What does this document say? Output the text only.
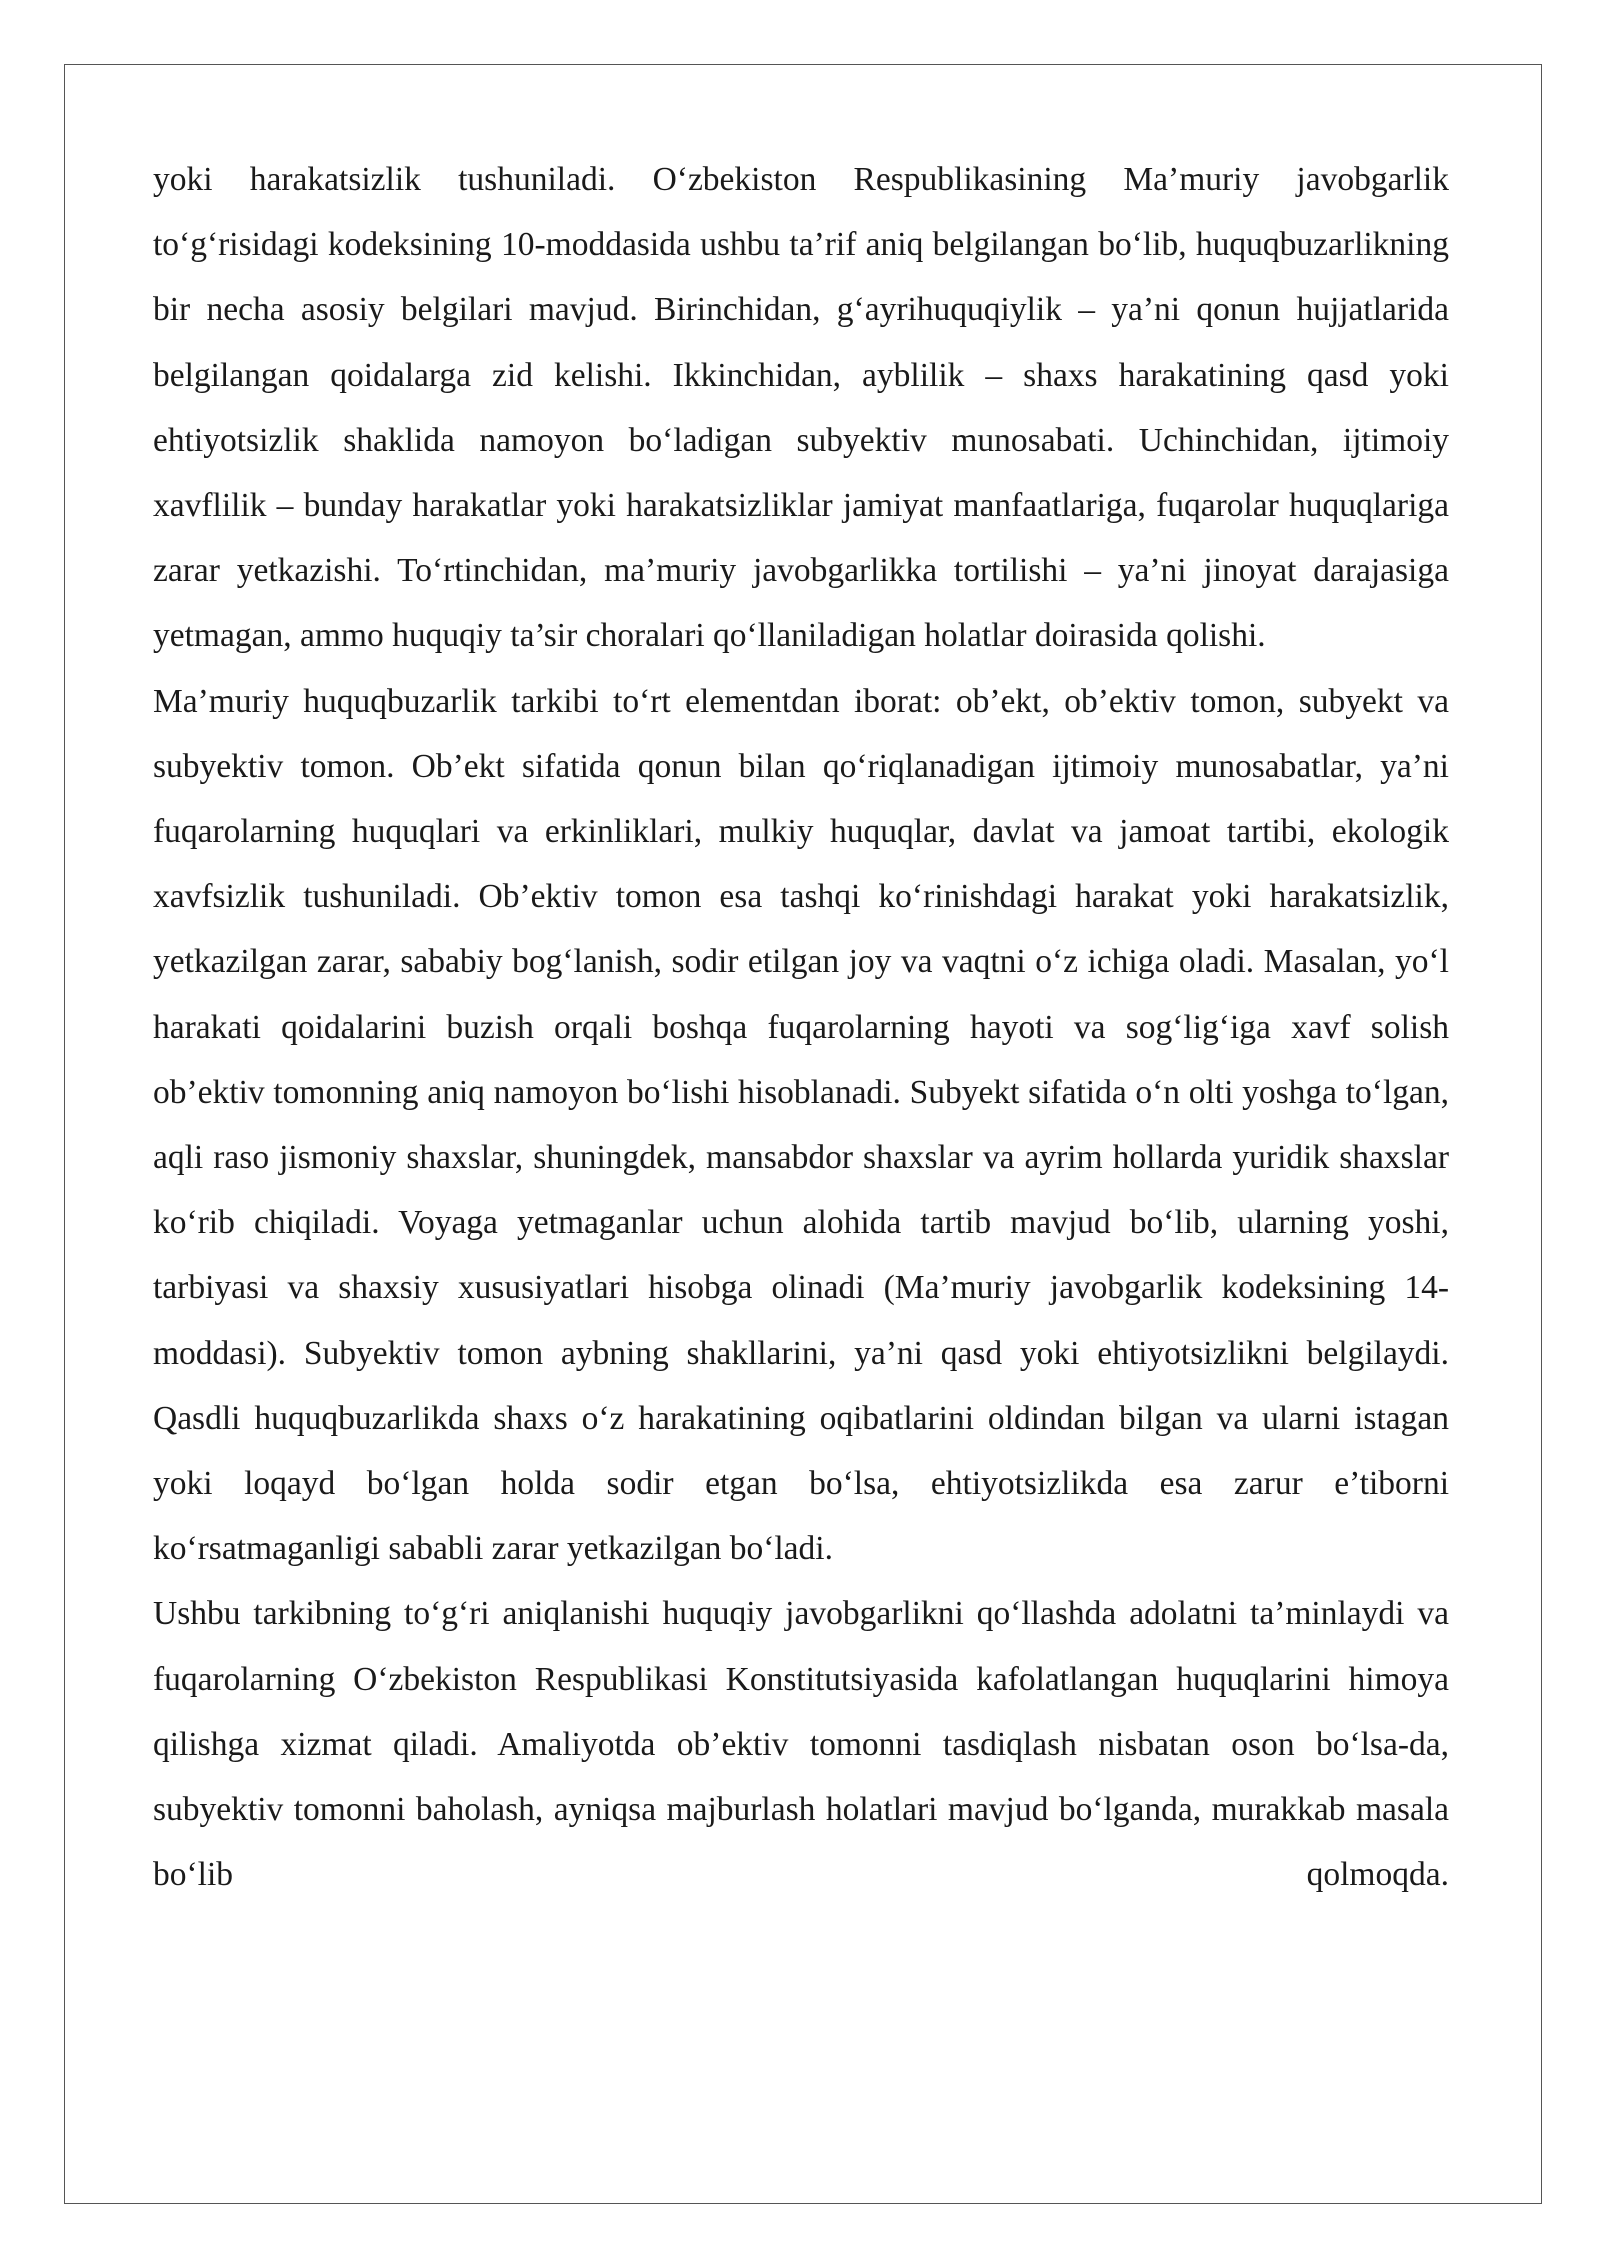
yoki harakatsizlik tushuniladi. O‘zbekiston Respublikasining Ma’muriy javobgarlik to‘g‘risidagi kodeksining 10-moddasida ushbu ta’rif aniq belgilangan bo‘lib, huquqbuzarlikning bir necha asosiy belgilari mavjud. Birinchidan, g‘ayrihuquqiylik – ya’ni qonun hujjatlarida belgilangan qoidalarga zid kelishi. Ikkinchidan, ayblilik – shaxs harakatining qasd yoki ehtiyotsizlik shaklida namoyon bo‘ladigan subyektiv munosabati. Uchinchidan, ijtimoiy xavflilik – bunday harakatlar yoki harakatsizliklar jamiyat manfaatlariga, fuqarolar huquqlariga zarar yetkazishi. To‘rtinchidan, ma’muriy javobgarlikka tortilishi – ya’ni jinoyat darajasiga yetmagan, ammo huquqiy ta’sir choralari qo‘llaniladigan holatlar doirasida qolishi.

Ma’muriy huquqbuzarlik tarkibi to‘rt elementdan iborat: ob’ekt, ob’ektiv tomon, subyekt va subyektiv tomon. Ob’ekt sifatida qonun bilan qo‘riqlanadigan ijtimoiy munosabatlar, ya’ni fuqarolarning huquqlari va erkinliklari, mulkiy huquqlar, davlat va jamoat tartibi, ekologik xavfsizlik tushuniladi. Ob’ektiv tomon esa tashqi ko‘rinishdagi harakat yoki harakatsizlik, yetkazilgan zarar, sababiy bog‘lanish, sodir etilgan joy va vaqtni o‘z ichiga oladi. Masalan, yo‘l harakati qoidalarini buzish orqali boshqa fuqarolarning hayoti va sog‘lig‘iga xavf solish ob’ektiv tomonning aniq namoyon bo‘lishi hisoblanadi. Subyekt sifatida o‘n olti yoshga to‘lgan, aqli raso jismoniy shaxslar, shuningdek, mansabdor shaxslar va ayrim hollarda yuridik shaxslar ko‘rib chiqiladi. Voyaga yetmaganlar uchun alohida tartib mavjud bo‘lib, ularning yoshi, tarbiyasi va shaxsiy xususiyatlari hisobga olinadi (Ma’muriy javobgarlik kodeksining 14-moddasi). Subyektiv tomon aybning shakllarini, ya’ni qasd yoki ehtiyotsizlikni belgilaydi. Qasdli huquqbuzarlikda shaxs o‘z harakatining oqibatlarini oldindan bilgan va ularni istagan yoki loqayd bo‘lgan holda sodir etgan bo‘lsa, ehtiyotsizlikda esa zarur e’tiborni ko‘rsatmaganligi sababli zarar yetkazilgan bo‘ladi.

Ushbu tarkibning to‘g‘ri aniqlanishi huquqiy javobgarlikni qo‘llashda adolatni ta’minlaydi va fuqarolarning O‘zbekiston Respublikasi Konstitutsiyasida kafolatlangan huquqlarini himoya qilishga xizmat qiladi. Amaliyotda ob’ektiv tomonni tasdiqlash nisbatan oson bo‘lsa-da, subyektiv tomonni baholash, ayniqsa majburlash holatlari mavjud bo‘lganda, murakkab masala bo‘lib qolmoqda.
